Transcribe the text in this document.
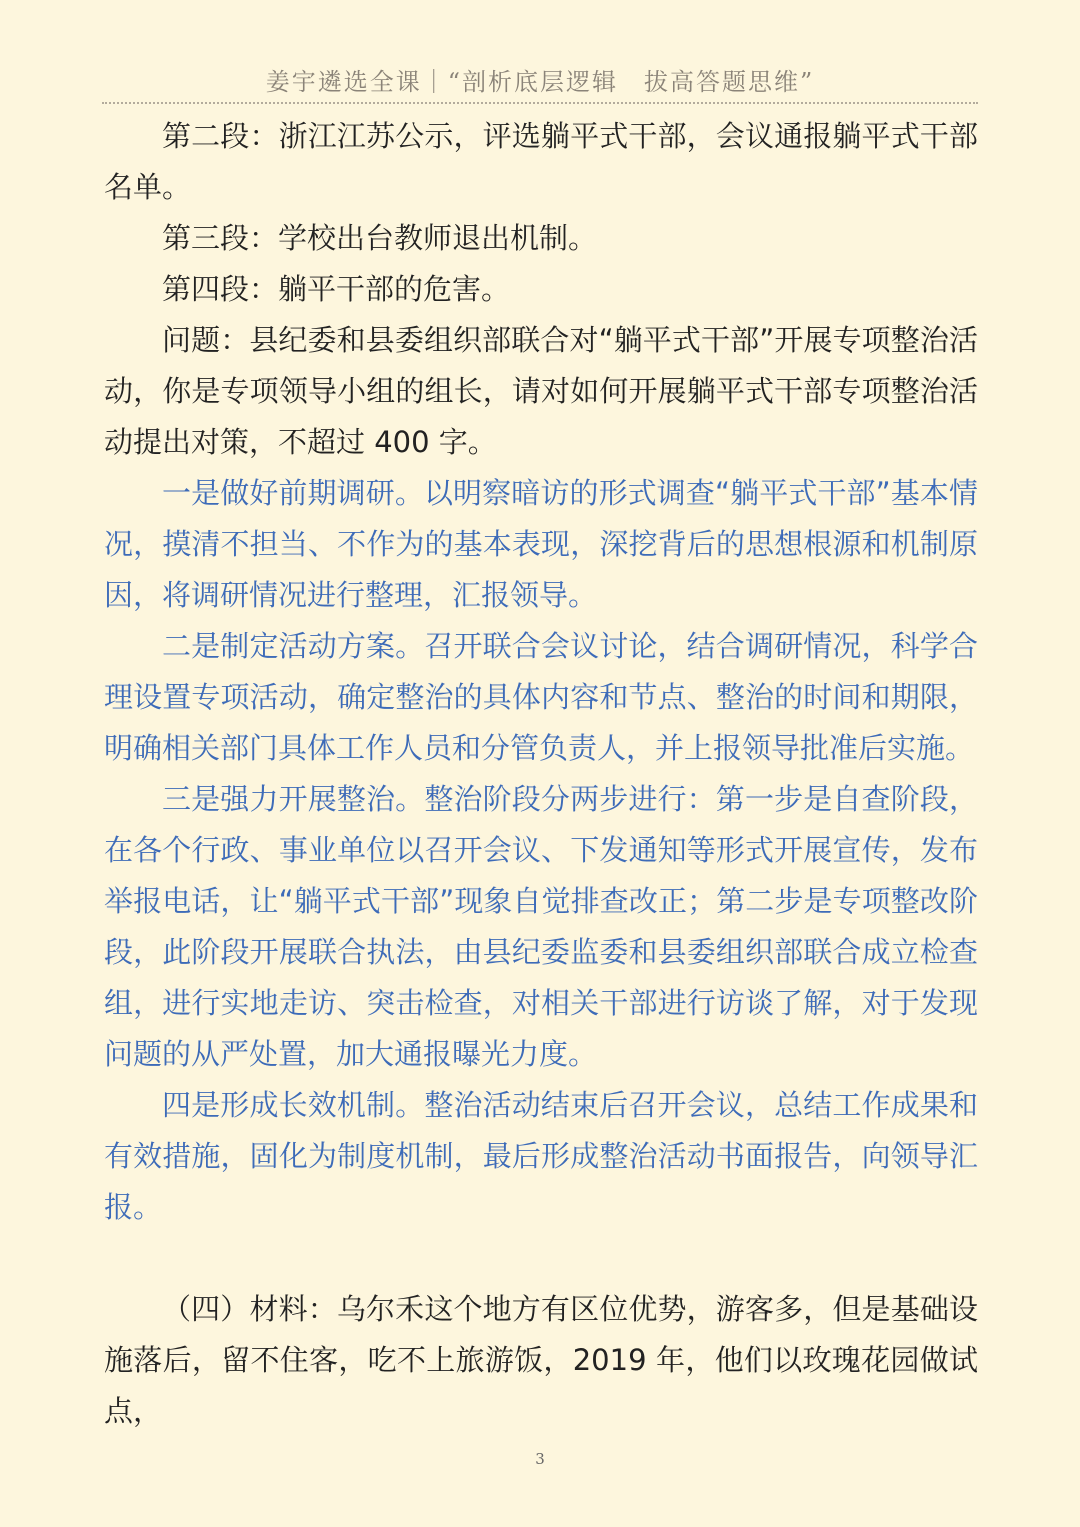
姜宇遴选全课｜“剖析底层逻辑　拔高答题思维”

第二段：浙江江苏公示，评选躺平式干部，会议通报躺平式干部名单。

第三段：学校出台教师退出机制。

第四段：躺平干部的危害。

问题：县纪委和县委组织部联合对“躺平式干部”开展专项整治活动，你是专项领导小组的组长，请对如何开展躺平式干部专项整治活动提出对策，不超过 400 字。

一是做好前期调研。以明察暗访的形式调查“躺平式干部”基本情况，摸清不担当、不作为的基本表现，深挖背后的思想根源和机制原因，将调研情况进行整理，汇报领导。

二是制定活动方案。召开联合会议讨论，结合调研情况，科学合理设置专项活动，确定整治的具体内容和节点、整治的时间和期限，明确相关部门具体工作人员和分管负责人，并上报领导批准后实施。

三是强力开展整治。整治阶段分两步进行：第一步是自查阶段，在各个行政、事业单位以召开会议、下发通知等形式开展宣传，发布举报电话，让“躺平式干部”现象自觉排查改正；第二步是专项整改阶段，此阶段开展联合执法，由县纪委监委和县委组织部联合成立检查组，进行实地走访、突击检查，对相关干部进行访谈了解，对于发现问题的从严处置，加大通报曝光力度。

四是形成长效机制。整治活动结束后召开会议，总结工作成果和有效措施，固化为制度机制，最后形成整治活动书面报告，向领导汇报。

（四）材料：乌尔禾这个地方有区位优势，游客多，但是基础设施落后，留不住客，吃不上旅游饭，2019 年，他们以玫瑰花园做试点，

3
